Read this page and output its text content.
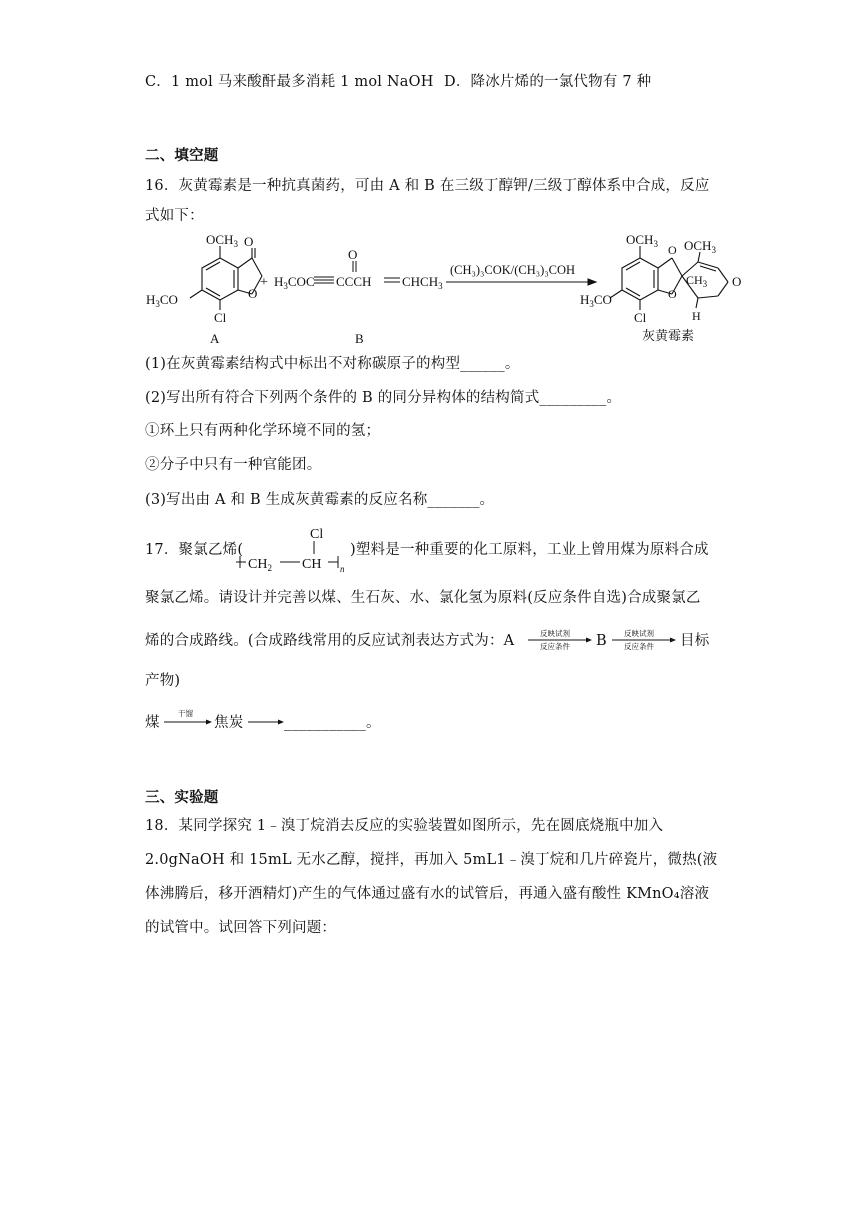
C．1 mol 马来酸酐最多消耗 1 mol NaOH D．降冰片烯的一氯代物有 7 种
二、填空题
16．灰黄霉素是一种抗真菌药，可由 A 和 B 在三级丁醇钾/三级丁醇体系中合成，反应
式如下：
$OCH_3$ O
O
$H_3CO$
Cl
A
+ $H_3COC$
O
CCCH $CHCH_3$
B
(CH₃)₃COK/(CH₃)₃COH
$OCH_3$ O $OCH_3$
$CH_3$ O
O
H
$H_3CO$
Cl
灰黄霉素
(1)在灰黄霉素结构式中标出不对称碳原子的构型______。
(2)写出所有符合下列两个条件的 B 的同分异构体的结构简式_________。
①环上只有两种化学环境不同的氢；
②分子中只有一种官能团。
(3)写出由 A 和 B 生成灰黄霉素的反应名称_______。
17．聚氯乙烯(
Cl
$CH_2$ CH n
)塑料是一种重要的化工原料，工业上曾用煤为原料合成
聚氯乙烯。请设计并完善以煤、生石灰、水、氯化氢为原料(反应条件自选)合成聚氯乙
烯的合成路线。(合成路线常用的反应试剂表达方式为：A	反映试剂
反应条件 B 反映试剂
反应条件 目标
产物)
煤
干馏
焦炭	___________。
三、实验题
18．某同学探究 1﹣溴丁烷消去反应的实验装置如图所示，先在圆底烧瓶中加入
2.0gNaOH 和 15mL 无水乙醇，搅拌，再加入 5mL1﹣溴丁烷和几片碎瓷片，微热(液
体沸腾后，移开酒精灯)产生的气体通过盛有水的试管后，再通入盛有酸性 KMnO₄溶液
的试管中。试回答下列问题：
